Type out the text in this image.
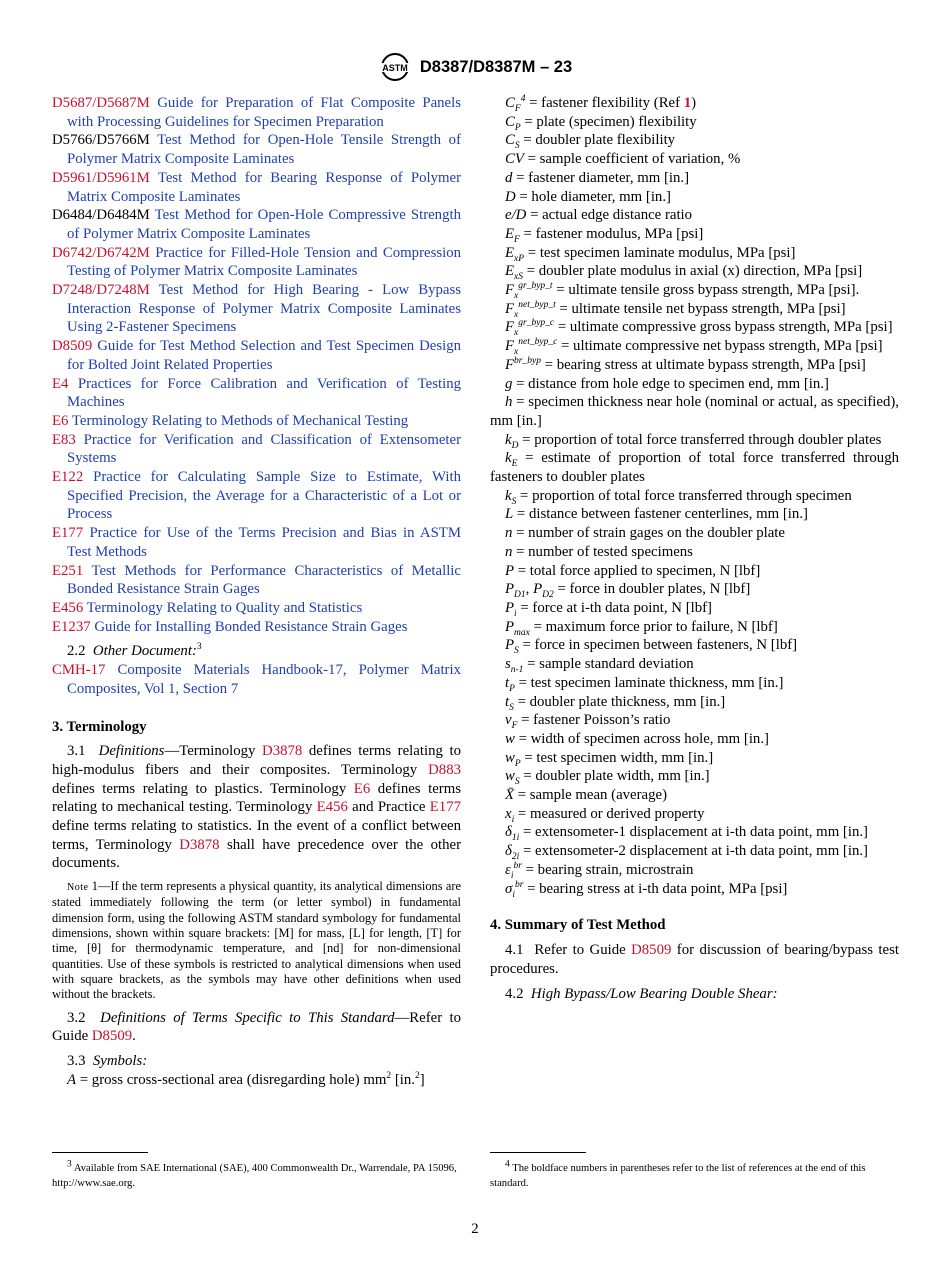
ASTM D8387/D8387M – 23
D5687/D5687M Guide for Preparation of Flat Composite Panels with Processing Guidelines for Specimen Preparation
D5766/D5766M Test Method for Open-Hole Tensile Strength of Polymer Matrix Composite Laminates
D5961/D5961M Test Method for Bearing Response of Polymer Matrix Composite Laminates
D6484/D6484M Test Method for Open-Hole Compressive Strength of Polymer Matrix Composite Laminates
D6742/D6742M Practice for Filled-Hole Tension and Compression Testing of Polymer Matrix Composite Laminates
D7248/D7248M Test Method for High Bearing - Low Bypass Interaction Response of Polymer Matrix Composite Laminates Using 2-Fastener Specimens
D8509 Guide for Test Method Selection and Test Specimen Design for Bolted Joint Related Properties
E4 Practices for Force Calibration and Verification of Testing Machines
E6 Terminology Relating to Methods of Mechanical Testing
E83 Practice for Verification and Classification of Extensometer Systems
E122 Practice for Calculating Sample Size to Estimate, With Specified Precision, the Average for a Characteristic of a Lot or Process
E177 Practice for Use of the Terms Precision and Bias in ASTM Test Methods
E251 Test Methods for Performance Characteristics of Metallic Bonded Resistance Strain Gages
E456 Terminology Relating to Quality and Statistics
E1237 Guide for Installing Bonded Resistance Strain Gages
2.2 Other Document:$^3$
CMH-17 Composite Materials Handbook-17, Polymer Matrix Composites, Vol 1, Section 7
3. Terminology
3.1 Definitions—Terminology D3878 defines terms relating to high-modulus fibers and their composites. Terminology D883 defines terms relating to plastics. Terminology E6 defines terms relating to mechanical testing. Terminology E456 and Practice E177 define terms relating to statistics. In the event of a conflict between terms, Terminology D3878 shall have precedence over the other documents.
Note 1—If the term represents a physical quantity, its analytical dimensions are stated immediately following the term (or letter symbol) in fundamental dimension form, using the following ASTM standard symbology for fundamental dimensions, shown within square brackets: [M] for mass, [L] for length, [T] for time, [θ] for thermodynamic temperature, and [nd] for non-dimensional quantities. Use of these symbols is restricted to analytical dimensions when used with square brackets, as the symbols may have other definitions when used without the brackets.
3.2 Definitions of Terms Specific to This Standard—Refer to Guide D8509.
3.3 Symbols:
A = gross cross-sectional area (disregarding hole) $mm^2$ [in.$^2$]
$C_F^4$ = fastener flexibility (Ref 1)
$C_P$ = plate (specimen) flexibility
$C_S$ = doubler plate flexibility
CV = sample coefficient of variation, %
d = fastener diameter, mm [in.]
D = hole diameter, mm [in.]
e/D = actual edge distance ratio
$E_F$ = fastener modulus, MPa [psi]
$E_{xP}$ = test specimen laminate modulus, MPa [psi]
$E_{xS}$ = doubler plate modulus in axial (x) direction, MPa [psi]
$F_x^{gr\_byp\_t}$ = ultimate tensile gross bypass strength, MPa [psi].
$F_x^{net\_byp\_t}$ = ultimate tensile net bypass strength, MPa [psi]
$F_x^{gr\_byp\_c}$ = ultimate compressive gross bypass strength, MPa [psi]
$F_x^{net\_byp\_c}$ = ultimate compressive net bypass strength, MPa [psi]
$F^{br\_byp}$ = bearing stress at ultimate bypass strength, MPa [psi]
g = distance from hole edge to specimen end, mm [in.]
h = specimen thickness near hole (nominal or actual, as specified), mm [in.]
$k_D$ = proportion of total force transferred through doubler plates
$k_E$ = estimate of proportion of total force transferred through fasteners to doubler plates
$k_S$ = proportion of total force transferred through specimen
L = distance between fastener centerlines, mm [in.]
n = number of strain gages on the doubler plate
n = number of tested specimens
P = total force applied to specimen, N [lbf]
$P_{D1}$, $P_{D2}$ = force in doubler plates, N [lbf]
$P_i$ = force at i-th data point, N [lbf]
$P_{max}$ = maximum force prior to failure, N [lbf]
$P_S$ = force in specimen between fasteners, N [lbf]
$s_{n-1}$ = sample standard deviation
$t_P$ = test specimen laminate thickness, mm [in.]
$t_S$ = doubler plate thickness, mm [in.]
$\nu_F$ = fastener Poisson’s ratio
w = width of specimen across hole, mm [in.]
$w_P$ = test specimen width, mm [in.]
$w_S$ = doubler plate width, mm [in.]
X̄ = sample mean (average)
$x_i$ = measured or derived property
$\delta_{1i}$ = extensometer-1 displacement at i-th data point, mm [in.]
$\delta_{2i}$ = extensometer-2 displacement at i-th data point, mm [in.]
$\varepsilon_i^{br}$ = bearing strain, microstrain
$\sigma_i^{br}$ = bearing stress at i-th data point, MPa [psi]
4. Summary of Test Method
4.1 Refer to Guide D8509 for discussion of bearing/bypass test procedures.
4.2 High Bypass/Low Bearing Double Shear:
$^3$ Available from SAE International (SAE), 400 Commonwealth Dr., Warrendale, PA 15096, http://www.sae.org.
$^4$ The boldface numbers in parentheses refer to the list of references at the end of this standard.
2
